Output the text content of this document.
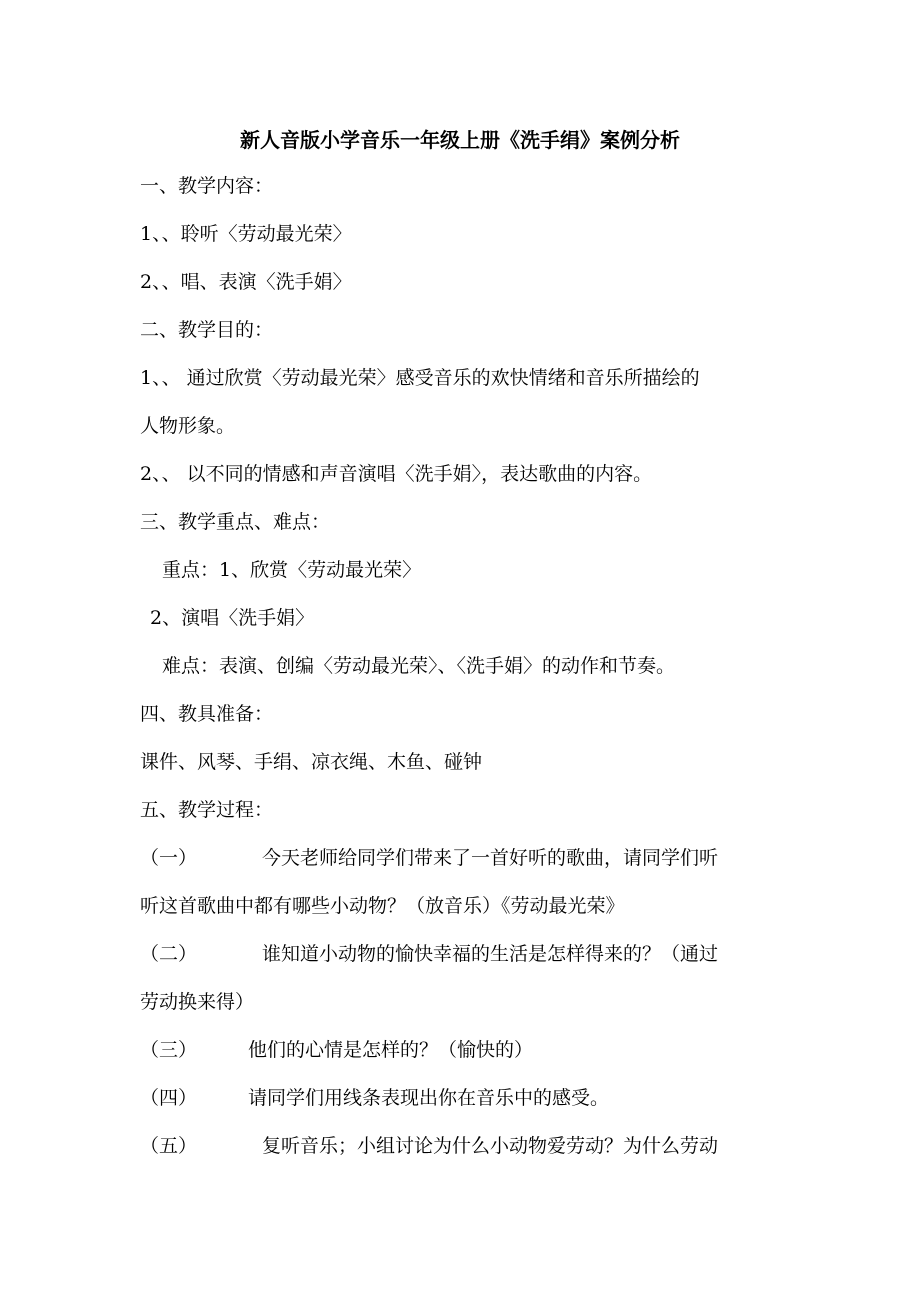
新人音版小学音乐一年级上册《洗手绢》案例分析
一、教学内容：
1、、聆听〈劳动最光荣〉
2、、唱、表演〈洗手娟〉
二、教学目的：
1、、 通过欣赏〈劳动最光荣〉感受音乐的欢快情绪和音乐所描绘的
人物形象。
2、、 以不同的情感和声音演唱〈洗手娟〉，表达歌曲的内容。
三、教学重点、难点：
重点：1、欣赏〈劳动最光荣〉
2、演唱〈洗手娟〉
难点：表演、创编〈劳动最光荣〉、〈洗手娟〉的动作和节奏。
四、教具准备：
课件、风琴、手绢、凉衣绳、木鱼、碰钟
五、教学过程：
（一）	今天老师给同学们带来了一首好听的歌曲，请同学们听
听这首歌曲中都有哪些小动物？（放音乐）《劳动最光荣》
（二）	谁知道小动物的愉快幸福的生活是怎样得来的？（通过
劳动换来得）
（三）	他们的心情是怎样的？（愉快的）
（四）	请同学们用线条表现出你在音乐中的感受。
（五）	复听音乐；小组讨论为什么小动物爱劳动？为什么劳动
